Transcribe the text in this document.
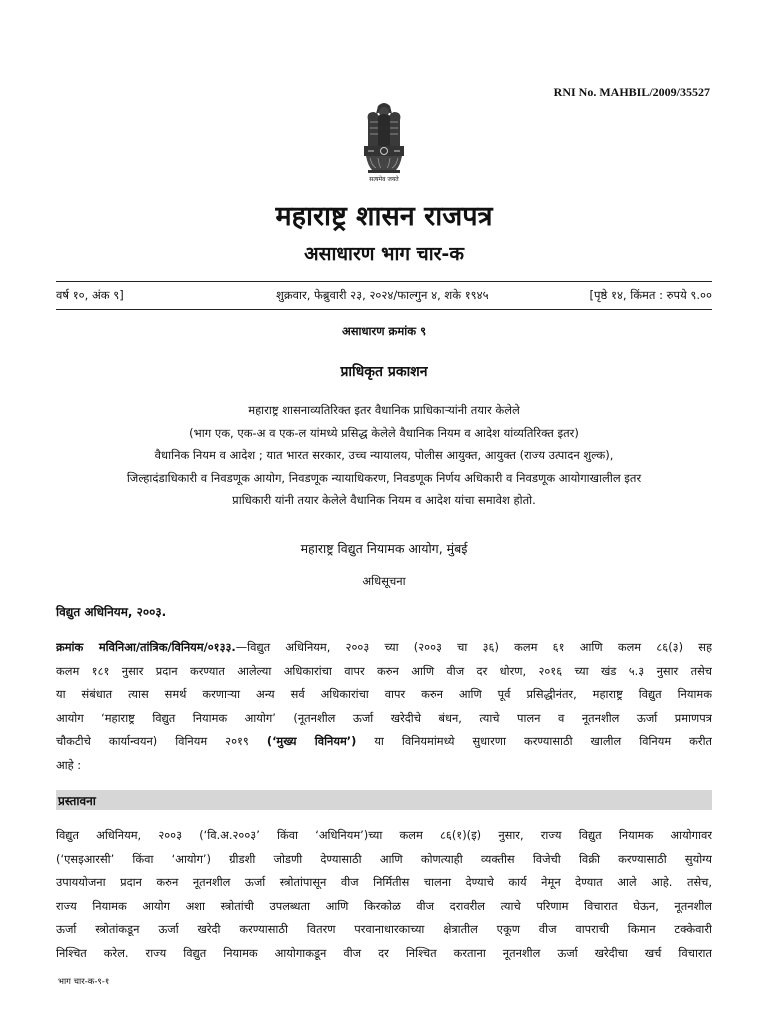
RNI No. MAHBIL/2009/35527
सत्यमेव जयते
महाराष्ट्र शासन राजपत्र
असाधारण भाग चार-क
वर्ष १०, अंक ९]	शुक्रवार, फेब्रुवारी २३, २०२४/फाल्गुन ४, शके १९४५	[पृष्ठे १४, किंमत : रुपये ९.००
असाधारण क्रमांक ९
प्राधिकृत प्रकाशन
महाराष्ट्र शासनाव्यतिरिक्त इतर वैधानिक प्राधिकाऱ्यांनी तयार केलेले
(भाग एक, एक-अ व एक-ल यांमध्ये प्रसिद्ध केलेले वैधानिक नियम व आदेश यांव्यतिरिक्त इतर)
वैधानिक नियम व आदेश ; यात भारत सरकार, उच्च न्यायालय, पोलीस आयुक्त, आयुक्त (राज्य उत्पादन शुल्क),
जिल्हादंडाधिकारी व निवडणूक आयोग, निवडणूक न्यायाधिकरण, निवडणूक निर्णय अधिकारी व निवडणूक आयोगाखालील इतर
प्राधिकारी यांनी तयार केलेले वैधानिक नियम व आदेश यांचा समावेश होतो.
महाराष्ट्र विद्युत नियामक आयोग, मुंबई
अधिसूचना
विद्युत अधिनियम, २००३.
क्रमांक मविनिआ/तांत्रिक/विनियम/०१३३.—विद्युत अधिनियम, २००३ च्या (२००३ चा ३६) कलम ६१ आणि कलम ८६(३) सह
कलम १८१ नुसार प्रदान करण्यात आलेल्या अधिकारांचा वापर करुन आणि वीज दर धोरण, २०१६ च्या खंड ५.३ नुसार तसेच
या संबंधात त्यास समर्थ करणाऱ्या अन्य सर्व अधिकारांचा वापर करुन आणि पूर्व प्रसिद्धीनंतर, महाराष्ट्र विद्युत नियामक
आयोग ‘महाराष्ट्र विद्युत नियामक आयोग’ (नूतनशील ऊर्जा खरेदीचे बंधन, त्याचे पालन व नूतनशील ऊर्जा प्रमाणपत्र
चौकटीचे कार्यान्वयन) विनियम २०१९ (‘मुख्य विनियम’) या विनियमांमध्ये सुधारणा करण्यासाठी खालील विनियम करीत
आहे :
प्रस्तावना
विद्युत अधिनियम, २००३ (‘वि.अ.२००३’ किंवा ‘अधिनियम’)च्या कलम ८६(१)(इ) नुसार, राज्य विद्युत नियामक आयोगावर
(‘एसइआरसी’ किंवा ‘आयोग’) ग्रीडशी जोडणी देण्यासाठी आणि कोणत्याही व्यक्तीस विजेची विक्री करण्यासाठी सुयोग्य
उपाययोजना प्रदान करुन नूतनशील ऊर्जा स्त्रोतांपासून वीज निर्मितीस चालना देण्याचे कार्य नेमून देण्यात आले आहे. तसेच,
राज्य नियामक आयोग अशा स्त्रोतांची उपलब्धता आणि किरकोळ वीज दरावरील त्याचे परिणाम विचारात घेऊन, नूतनशील
ऊर्जा स्त्रोतांकडून ऊर्जा खरेदी करण्यासाठी वितरण परवानाधारकाच्या क्षेत्रातील एकूण वीज वापराची किमान टक्केवारी
निश्चित करेल. राज्य विद्युत नियामक आयोगाकडून वीज दर निश्चित करताना नूतनशील ऊर्जा खरेदीचा खर्च विचारात
भाग चार-क-९-१
